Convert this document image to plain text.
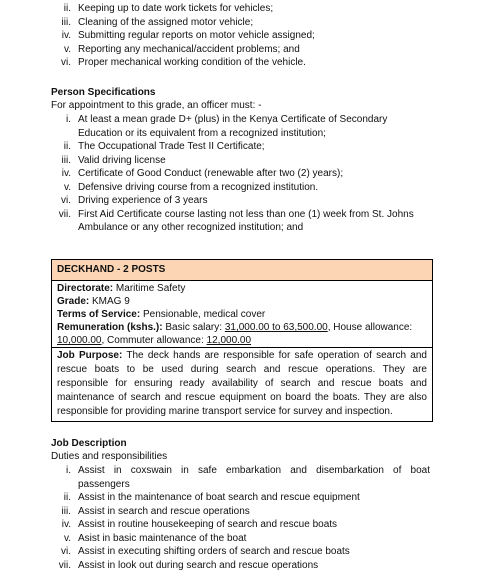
ii. Keeping up to date work tickets for vehicles;
iii. Cleaning of the assigned motor vehicle;
iv. Submitting regular reports on motor vehicle assigned;
v. Reporting any mechanical/accident problems; and
vi. Proper mechanical working condition of the vehicle.
Person Specifications
For appointment to this grade, an officer must: -
i. At least a mean grade D+ (plus) in the Kenya Certificate of Secondary
Education or its equivalent from a recognized institution;
ii. The Occupational Trade Test II Certificate;
iii. Valid driving license
iv. Certificate of Good Conduct (renewable after two (2) years);
v. Defensive driving course from a recognized institution.
vi. Driving experience of 3 years
vii. First Aid Certificate course lasting not less than one (1) week from St. Johns
Ambulance or any other recognized institution; and
DECKHAND - 2 POSTS
Directorate: Maritime Safety
Grade: KMAG 9
Terms of Service: Pensionable, medical cover
Remuneration (kshs.): Basic salary: 31,000.00 to 63,500.00, House allowance:
10,000.00, Commuter allowance: 12,000.00
Job Purpose: The deck hands are responsible for safe operation of search and rescue boats to be used during search and rescue operations. They are responsible for ensuring ready availability of search and rescue boats and maintenance of search and rescue equipment on board the boats. They are also responsible for providing marine transport service for survey and inspection.
Job Description
Duties and responsibilities
i. Assist in coxswain in safe embarkation and disembarkation of boat
passengers
ii. Assist in the maintenance of boat search and rescue equipment
iii. Assist in search and rescue operations
iv. Assist in routine housekeeping of search and rescue boats
v. Asist in basic maintenance of the boat
vi. Assist in executing shifting orders of search and rescue boats
vii. Assist in look out during search and rescue operations
